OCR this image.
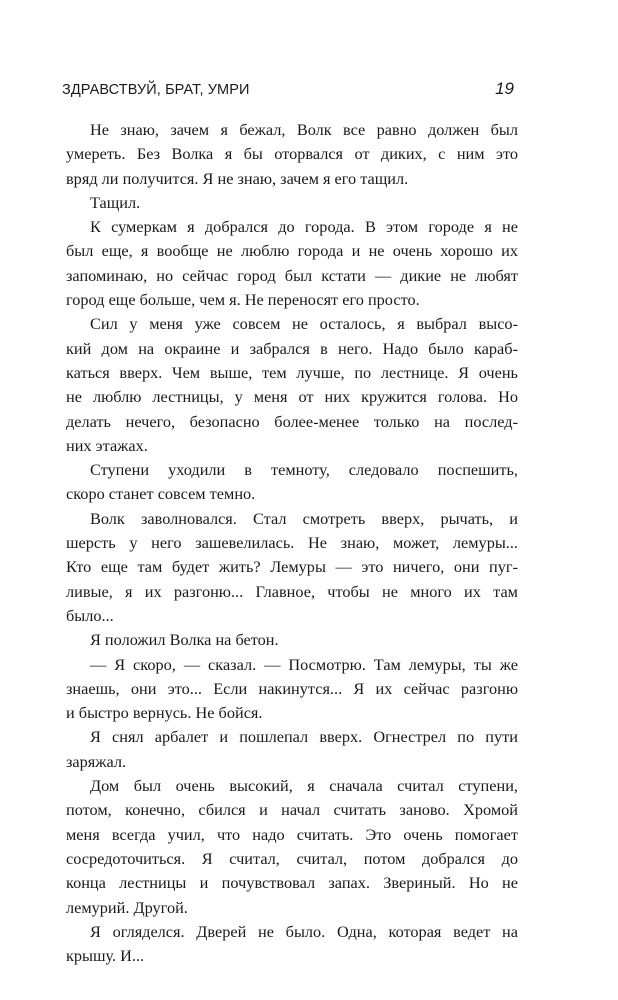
ЗДРАВСТВУЙ, БРАТ, УМРИ	19
Не знаю, зачем я бежал, Волк все равно должен был
умереть. Без Волка я бы оторвался от диких, с ним это
вряд ли получится. Я не знаю, зачем я его тащил.
Тащил.
К сумеркам я добрался до города. В этом городе я не
был еще, я вообще не люблю города и не очень хорошо их
запоминаю, но сейчас город был кстати — дикие не любят
город еще больше, чем я. Не переносят его просто.
Сил у меня уже совсем не осталось, я выбрал высо-
кий дом на окраине и забрался в него. Надо было караб-
каться вверх. Чем выше, тем лучше, по лестнице. Я очень
не люблю лестницы, у меня от них кружится голова. Но
делать нечего, безопасно более-менее только на послед-
них этажах.
Ступени уходили в темноту, следовало поспешить,
скоро станет совсем темно.
Волк заволновался. Стал смотреть вверх, рычать, и
шерсть у него зашевелилась. Не знаю, может, лемуры...
Кто еще там будет жить? Лемуры — это ничего, они пуг-
ливые, я их разгоню... Главное, чтобы не много их там
было...
Я положил Волка на бетон.
— Я скоро, — сказал. — Посмотрю. Там лемуры, ты же
знаешь, они это... Если накинутся... Я их сейчас разгоню
и быстро вернусь. Не бойся.
Я снял арбалет и пошлепал вверх. Огнестрел по пути
заряжал.
Дом был очень высокий, я сначала считал ступени,
потом, конечно, сбился и начал считать заново. Хромой
меня всегда учил, что надо считать. Это очень помогает
сосредоточиться. Я считал, считал, потом добрался до
конца лестницы и почувствовал запах. Звериный. Но не
лемурий. Другой.
Я огляделся. Дверей не было. Одна, которая ведет на
крышу. И...
